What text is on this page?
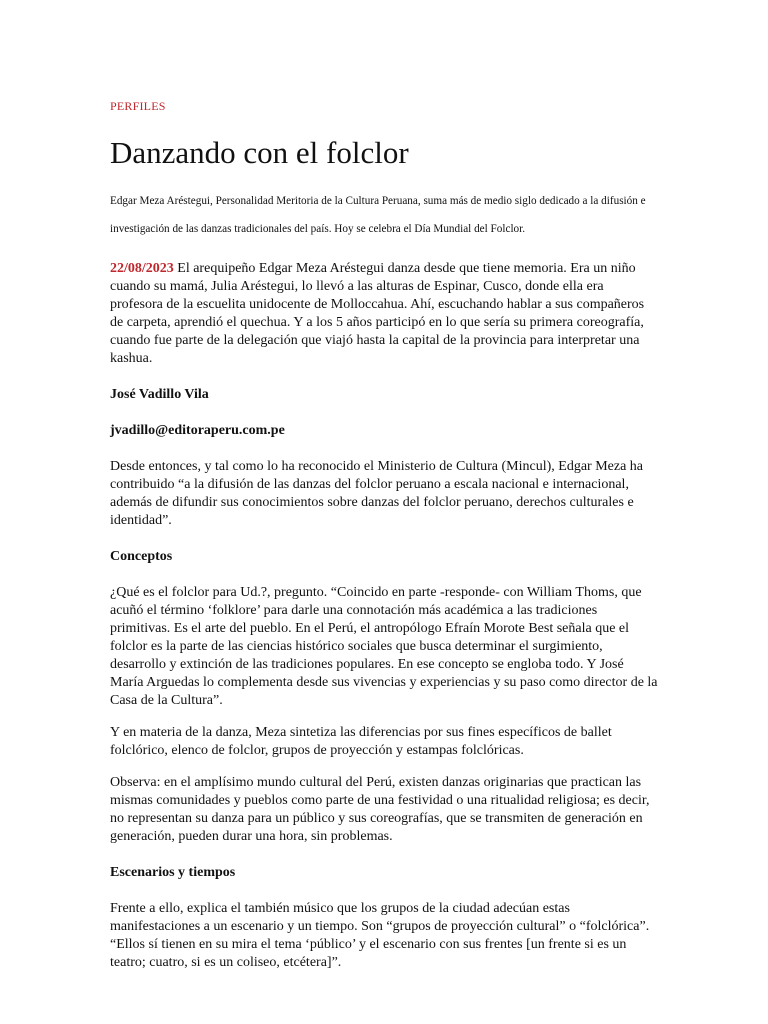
PERFILES
Danzando con el folclor

Edgar Meza Aréstegui, Personalidad Meritoria de la Cultura Peruana, suma más de medio siglo dedicado a la difusión e investigación de las danzas tradicionales del país. Hoy se celebra el Día Mundial del Folclor.

22/08/2023 El arequipeño Edgar Meza Aréstegui danza desde que tiene memoria. Era un niño cuando su mamá, Julia Aréstegui, lo llevó a las alturas de Espinar, Cusco, donde ella era profesora de la escuelita unidocente de Molloccahua. Ahí, escuchando hablar a sus compañeros de carpeta, aprendió el quechua. Y a los 5 años participó en lo que sería su primera coreografía, cuando fue parte de la delegación que viajó hasta la capital de la provincia para interpretar una kashua.

José Vadillo Vila

jvadillo@editoraperu.com.pe

Desde entonces, y tal como lo ha reconocido el Ministerio de Cultura (Mincul), Edgar Meza ha contribuido “a la difusión de las danzas del folclor peruano a escala nacional e internacional, además de difundir sus conocimientos sobre danzas del folclor peruano, derechos culturales e identidad”.

Conceptos

¿Qué es el folclor para Ud.?, pregunto. “Coincido en parte -responde- con William Thoms, que acuñó el término ‘folklore’ para darle una connotación más académica a las tradiciones primitivas. Es el arte del pueblo. En el Perú, el antropólogo Efraín Morote Best señala que el folclor es la parte de las ciencias histórico sociales que busca determinar el surgimiento, desarrollo y extinción de las tradiciones populares. En ese concepto se engloba todo. Y José María Arguedas lo complementa desde sus vivencias y experiencias y su paso como director de la Casa de la Cultura”.

Y en materia de la danza, Meza sintetiza las diferencias por sus fines específicos de ballet folclórico, elenco de folclor, grupos de proyección y estampas folclóricas.

Observa: en el amplísimo mundo cultural del Perú, existen danzas originarias que practican las mismas comunidades y pueblos como parte de una festividad o una ritualidad religiosa; es decir, no representan su danza para un público y sus coreografías, que se transmiten de generación en generación, pueden durar una hora, sin problemas.

Escenarios y tiempos

Frente a ello, explica el también músico que los grupos de la ciudad adecúan estas manifestaciones a un escenario y un tiempo. Son “grupos de proyección cultural” o “folclórica”. “Ellos sí tienen en su mira el tema ‘público’ y el escenario con sus frentes [un frente si es un teatro; cuatro, si es un coliseo, etcétera]”.
